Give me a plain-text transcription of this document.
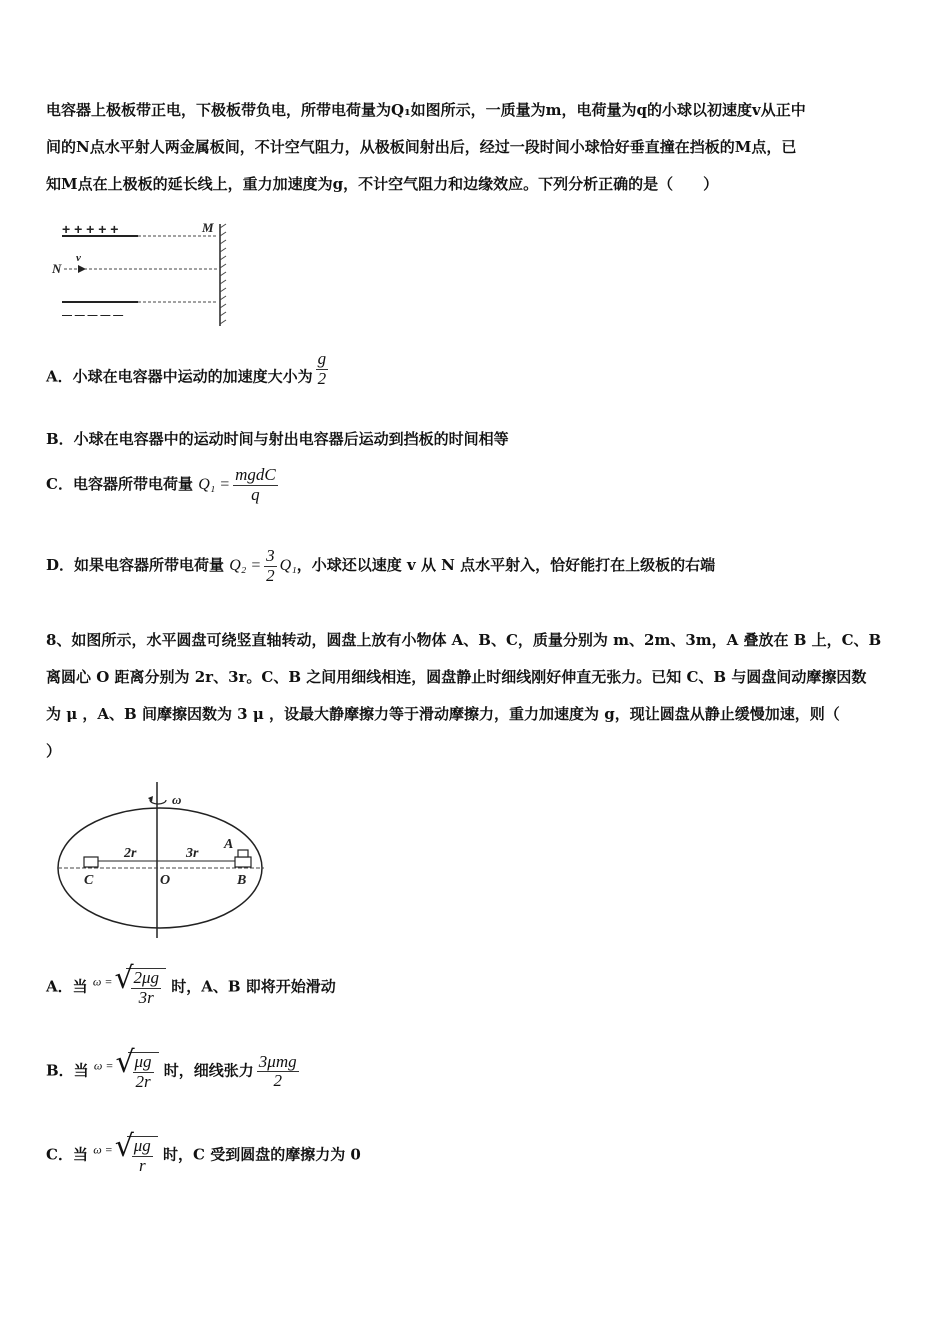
电容器上极板带正电，下极板带负电，所带电荷量为Q₁如图所示，一质量为m，电荷量为q的小球以初速度v从正中
间的N点水平射人两金属板间，不计空气阻力，从极板间射出后，经过一段时间小球恰好垂直撞在挡板的M点，已
知M点在上极板的延长线上，重力加速度为g，不计空气阻力和边缘效应。下列分析正确的是（　　）
+ + + + +	M
N
v
— — — — —
A．小球在电容器中运动的加速度大小为 $\frac{g}{2}$
B．小球在电容器中的运动时间与射出电容器后运动到挡板的时间相等
C．电容器所带电荷量 $Q_1 = \frac{\text{mgdC}}{q}$
D．如果电容器所带电荷量 $Q_2 = \frac{3}{2} Q_1$，小球还以速度 v 从 N 点水平射入，恰好能打在上级板的右端
8、如图所示，水平圆盘可绕竖直轴转动，圆盘上放有小物体 A、B、C，质量分别为 m、2m、3m，A 叠放在 B 上，C、B
离圆心 O 距离分别为 2r、3r。C、B 之间用细线相连，圆盘静止时细线刚好伸直无张力。已知 C、B 与圆盘间动摩擦因数
为 μ ，A、B 间摩擦因数为 3 μ ，设最大静摩擦力等于滑动摩擦力，重力加速度为 g，现让圆盘从静止缓慢加速，则（
）
ω
2r	3r
A
C	O	B
A．当 $^{\omega =}$ √
$\frac{2\mu g}{3r}$ 时，A、B 即将开始滑动
B．当 $^{\omega =}$ √
$\frac{\mu g}{2r}$ 时，细线张力 $\frac{\text{3μmg}}{2}$
C．当 $^{\omega =}$ √
$\frac{\mu g}{r}$ 时，C 受到圆盘的摩擦力为 0
